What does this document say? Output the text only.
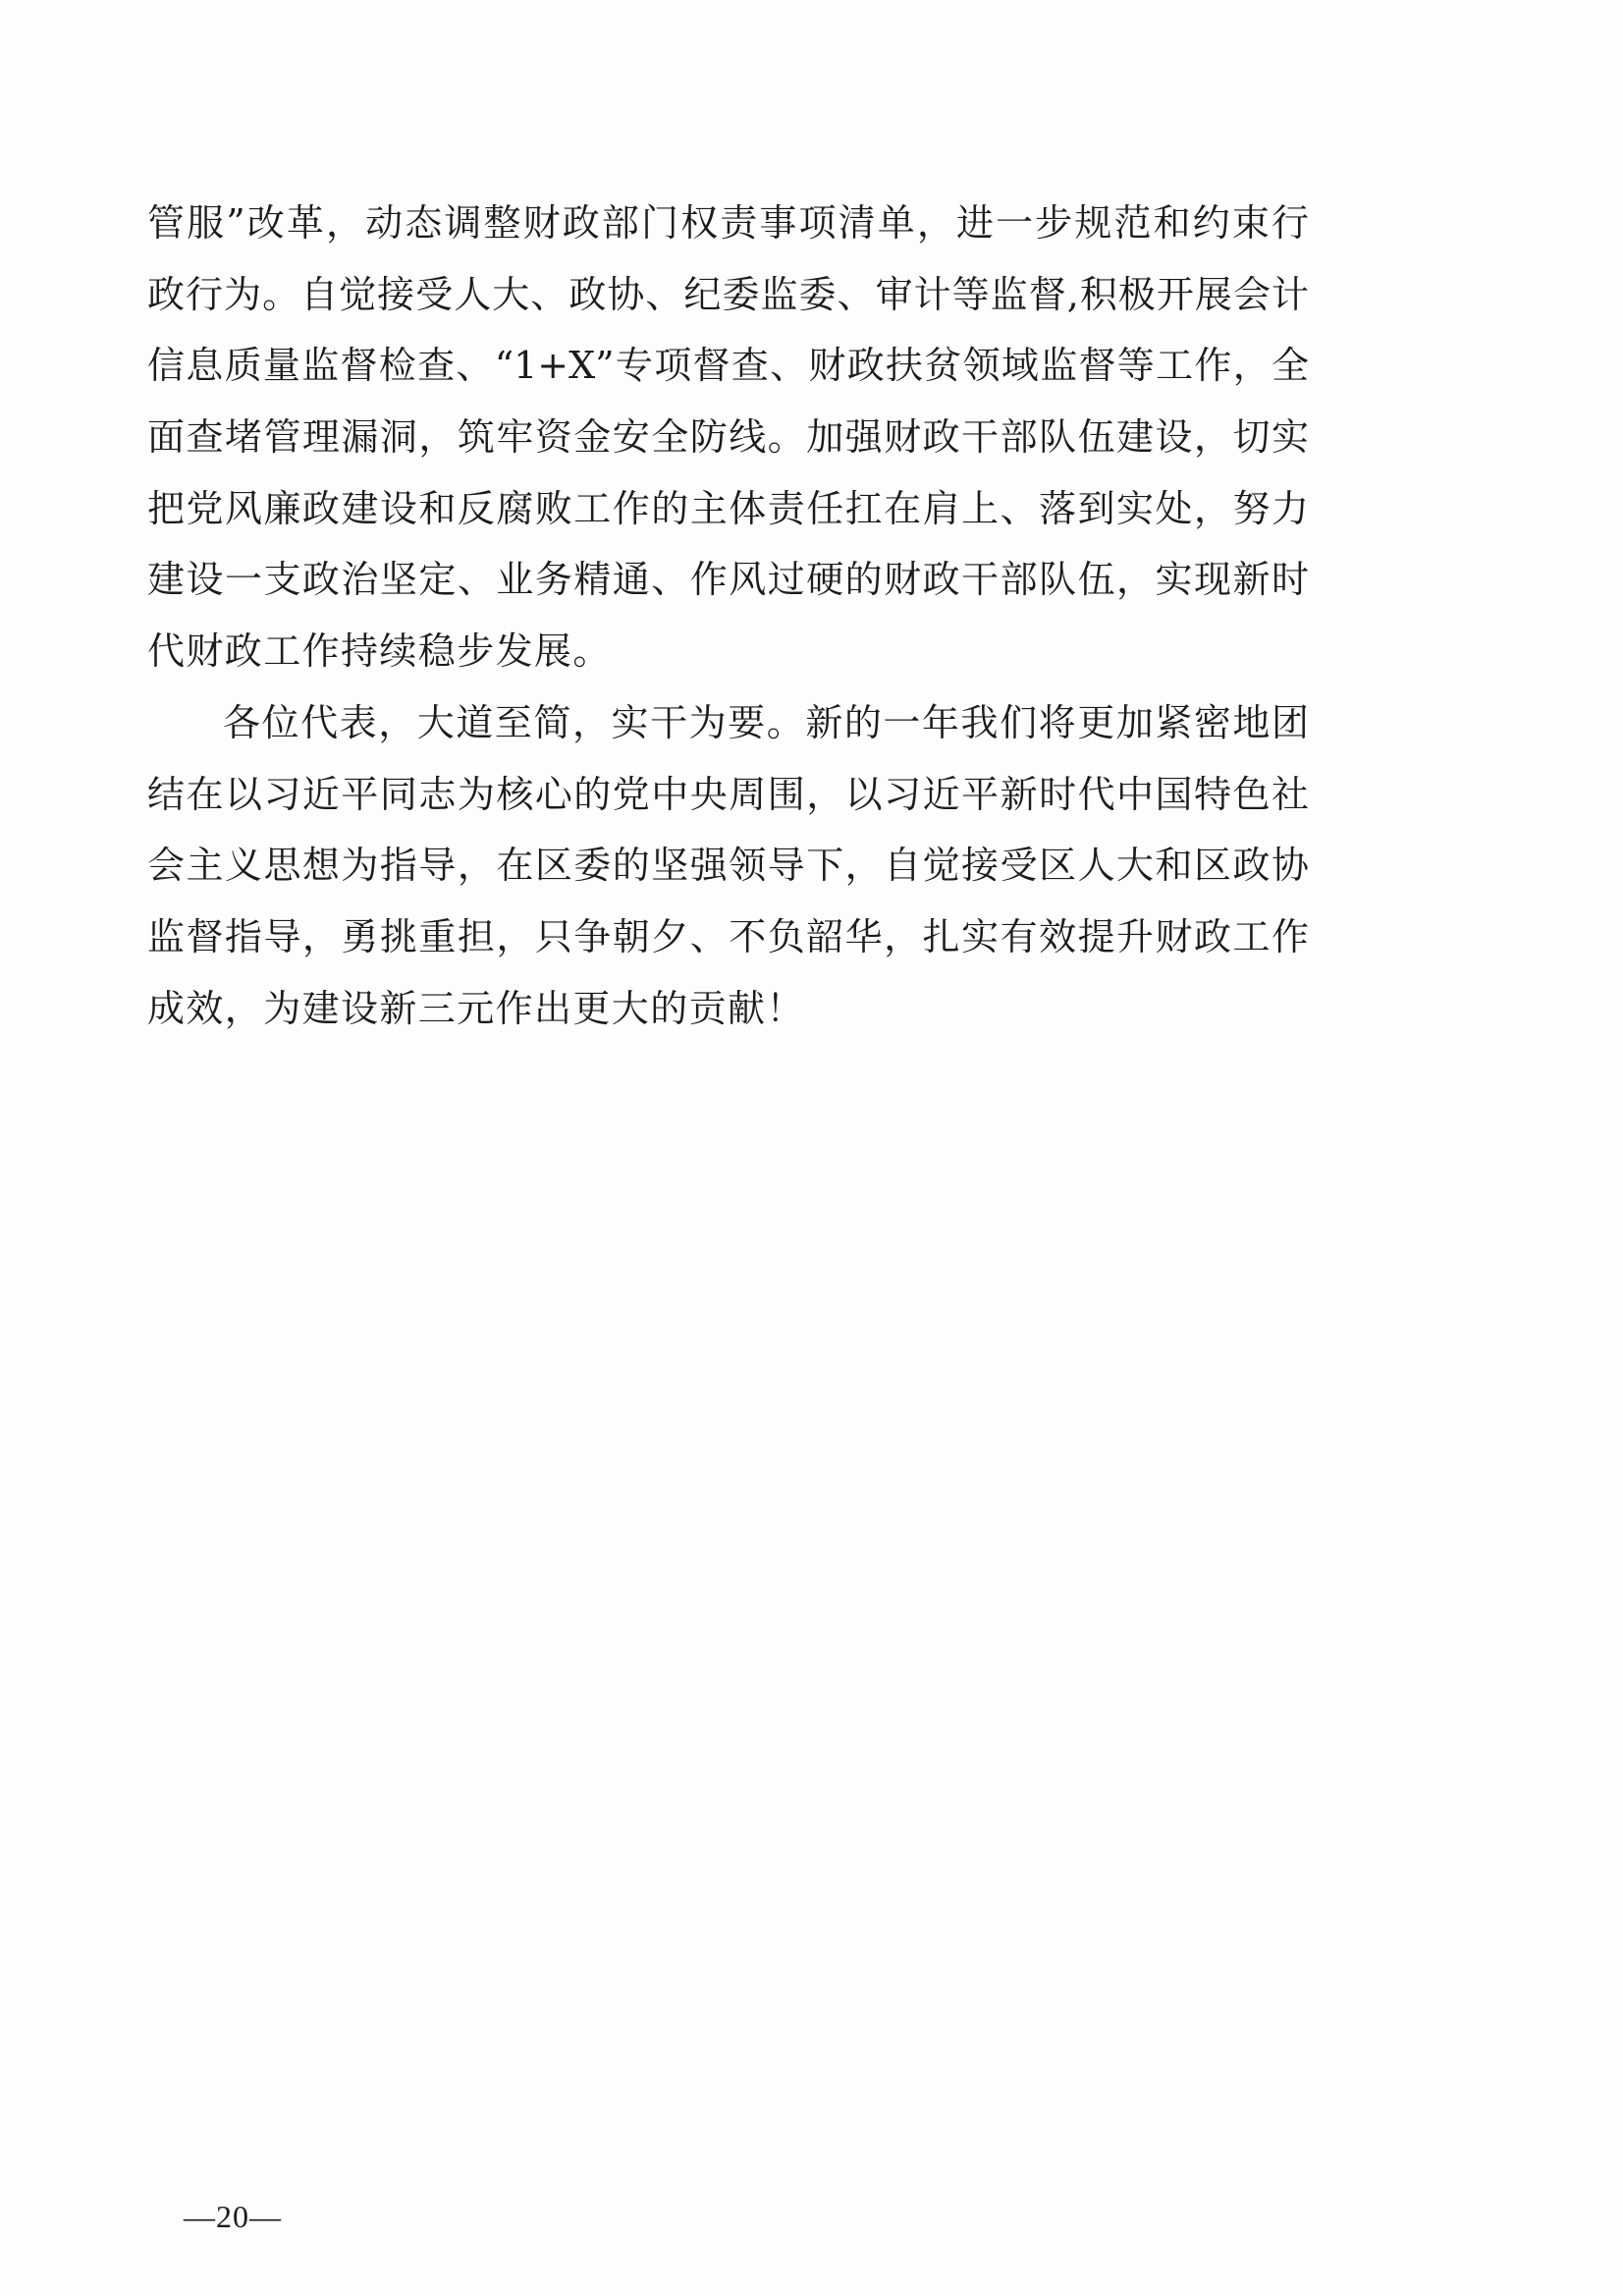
管服”改革，动态调整财政部门权责事项清单，进一步规范和约束行
政行为。自觉接受人大、政协、纪委监委、审计等监督,积极开展会计
信息质量监督检查、“1+X”专项督查、财政扶贫领域监督等工作，全
面查堵管理漏洞，筑牢资金安全防线。加强财政干部队伍建设，切实
把党风廉政建设和反腐败工作的主体责任扛在肩上、落到实处，努力
建设一支政治坚定、业务精通、作风过硬的财政干部队伍，实现新时
代财政工作持续稳步发展。
各位代表，大道至简，实干为要。新的一年我们将更加紧密地团
结在以习近平同志为核心的党中央周围，以习近平新时代中国特色社
会主义思想为指导，在区委的坚强领导下，自觉接受区人大和区政协
监督指导，勇挑重担，只争朝夕、不负韶华，扎实有效提升财政工作
成效，为建设新三元作出更大的贡献！
—20—
